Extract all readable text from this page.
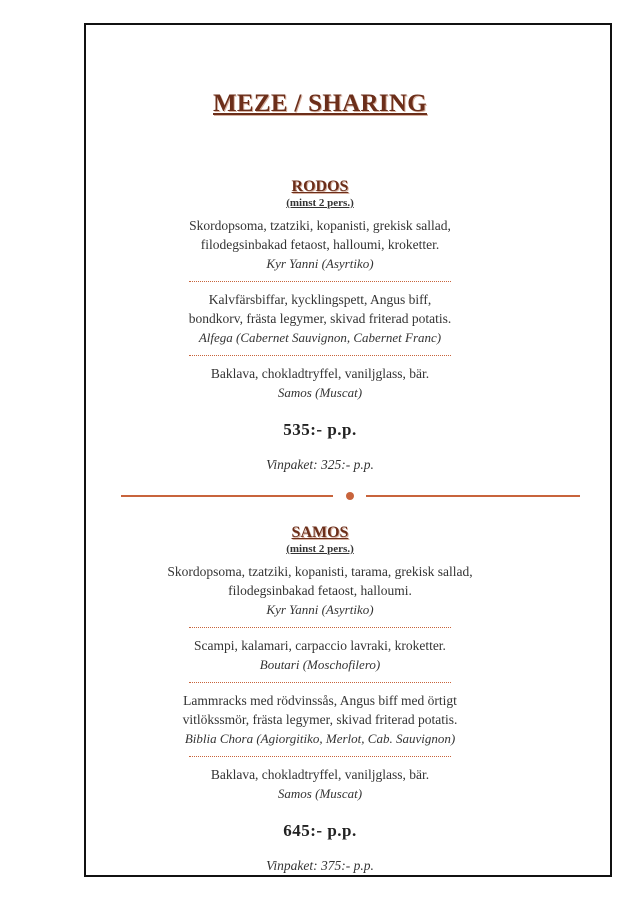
MEZE / SHARING
RODOS
(minst 2 pers.)
Skordopsoma, tzatziki, kopanisti, grekisk sallad,
filodegsinbakad fetaost, halloumi, kroketter.
Kyr Yanni (Asyrtiko)
Kalvfärsbiffar, kycklingspett, Angus biff,
bondkorv, frästa legymer, skivad friterad potatis.
Alfega (Cabernet Sauvignon, Cabernet Franc)
Baklava, chokladtryffel, vaniljglass, bär.
Samos (Muscat)
535:- p.p.
Vinpaket: 325:- p.p.
SAMOS
(minst 2 pers.)
Skordopsoma, tzatziki, kopanisti, tarama, grekisk sallad,
filodegsinbakad fetaost, halloumi.
Kyr Yanni (Asyrtiko)
Scampi, kalamari, carpaccio lavraki, kroketter.
Boutari (Moschofilero)
Lammracks med rödvinssås, Angus biff med örtigt
vitlökssmör, frästa legymer, skivad friterad potatis.
Biblia Chora (Agiorgitiko, Merlot, Cab. Sauvignon)
Baklava, chokladtryffel, vaniljglass, bär.
Samos (Muscat)
645:- p.p.
Vinpaket: 375:- p.p.
